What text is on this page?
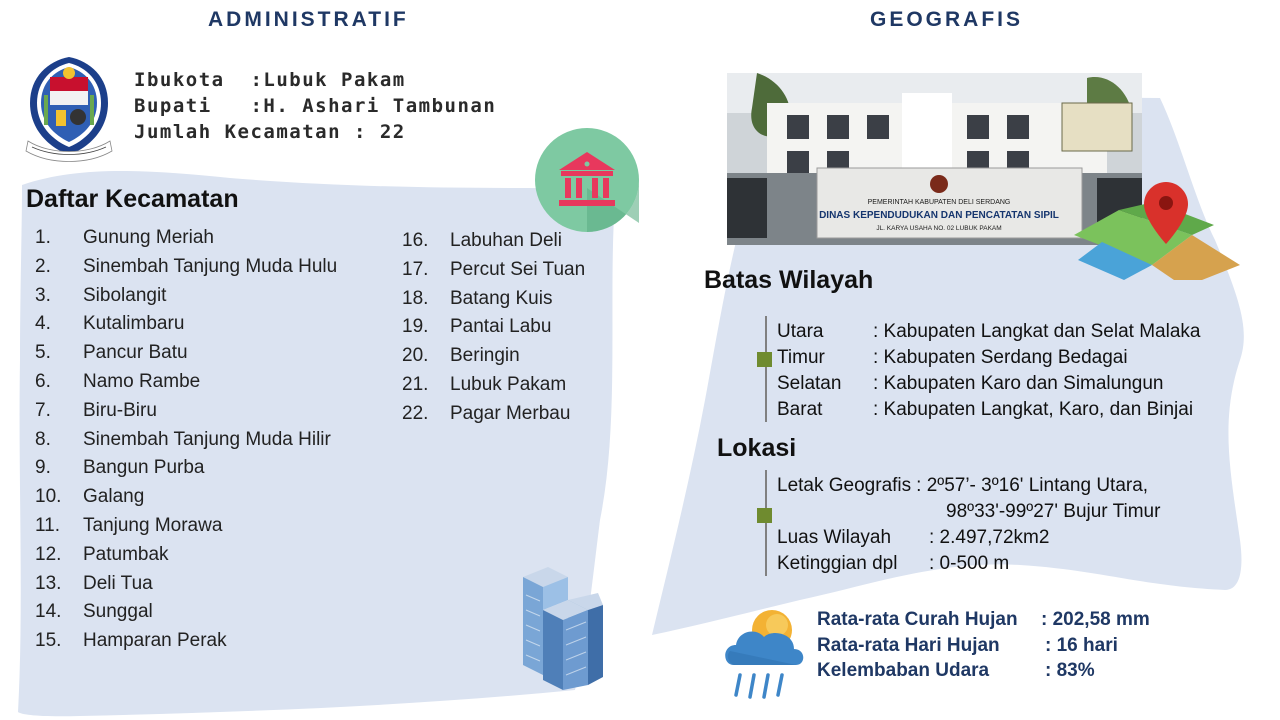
ADMINISTRATIF	GEOGRAFIS
Ibukota :Lubuk Pakam
Bupati :H. Ashari Tambunan
Jumlah Kecamatan : 22
Daftar Kecamatan
1.	Gunung Meriah
2.	Sinembah Tanjung Muda Hulu
3.	Sibolangit
4.	Kutalimbaru
5.	Pancur Batu
6.	Namo Rambe
7.	Biru-Biru
8.	Sinembah Tanjung Muda Hilir
9.	Bangun Purba
10.	Galang
11.	Tanjung Morawa
12.	Patumbak
13.	Deli Tua
14.	Sunggal
15.	Hamparan Perak
16.	Labuhan Deli
17.	Percut Sei Tuan
18.	Batang Kuis
19.	Pantai Labu
20.	Beringin
21.	Lubuk Pakam
22.	Pagar Merbau
PEMERINTAH KABUPATEN DELI SERDANG
DINAS KEPENDUDUKAN DAN PENCATATAN SIPIL
JL. KARYA USAHA NO. 02 LUBUK PAKAM
Batas Wilayah
Utara	: Kabupaten Langkat dan Selat Malaka
Timur	: Kabupaten Serdang Bedagai
Selatan	: Kabupaten Karo dan Simalungun
Barat	: Kabupaten Langkat, Karo, dan Binjai
Lokasi
Letak Geografis : 2º57’- 3º16' Lintang Utara,
98º33'-99º27' Bujur Timur
Luas Wilayah	: 2.497,72km2
Ketinggian dpl	: 0-500 m
Rata-rata Curah Hujan	: 202,58 mm
Rata-rata Hari Hujan	: 16 hari
Kelembaban Udara	: 83%
